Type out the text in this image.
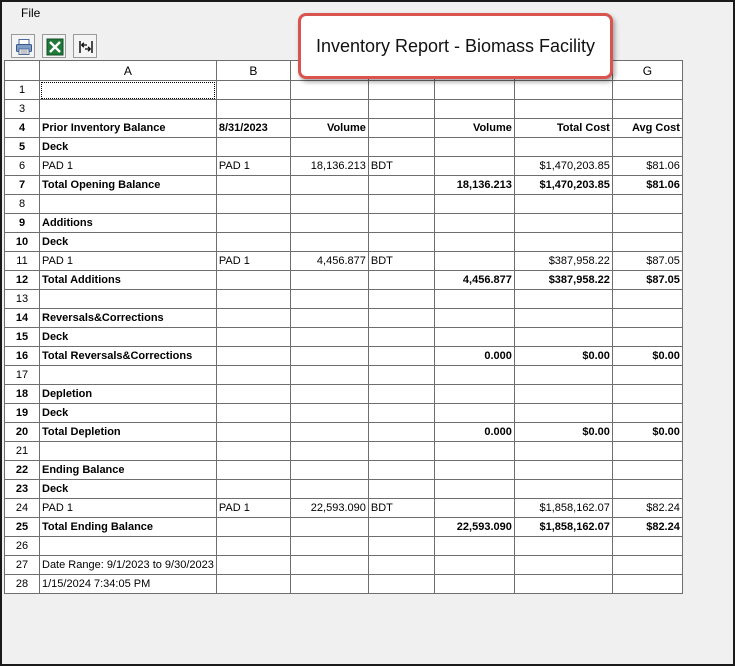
File
Inventory Report - Biomass Facility
	A	B					G
1							
3							
4	Prior Inventory Balance	8/31/2023	Volume		Volume	Total Cost	Avg Cost
5	Deck						
6	PAD 1	PAD 1	18,136.213	BDT		$1,470,203.85	$81.06
7	Total Opening Balance				18,136.213	$1,470,203.85	$81.06
8							
9	Additions						
10	Deck						
11	PAD 1	PAD 1	4,456.877	BDT		$387,958.22	$87.05
12	Total Additions				4,456.877	$387,958.22	$87.05
13							
14	Reversals&Corrections						
15	Deck						
16	Total Reversals&Corrections				0.000	$0.00	$0.00
17							
18	Depletion						
19	Deck						
20	Total Depletion				0.000	$0.00	$0.00
21							
22	Ending Balance						
23	Deck						
24	PAD 1	PAD 1	22,593.090	BDT		$1,858,162.07	$82.24
25	Total Ending Balance				22,593.090	$1,858,162.07	$82.24
26							
27	Date Range: 9/1/2023 to 9/30/2023						
28	1/15/2024 7:34:05 PM						
